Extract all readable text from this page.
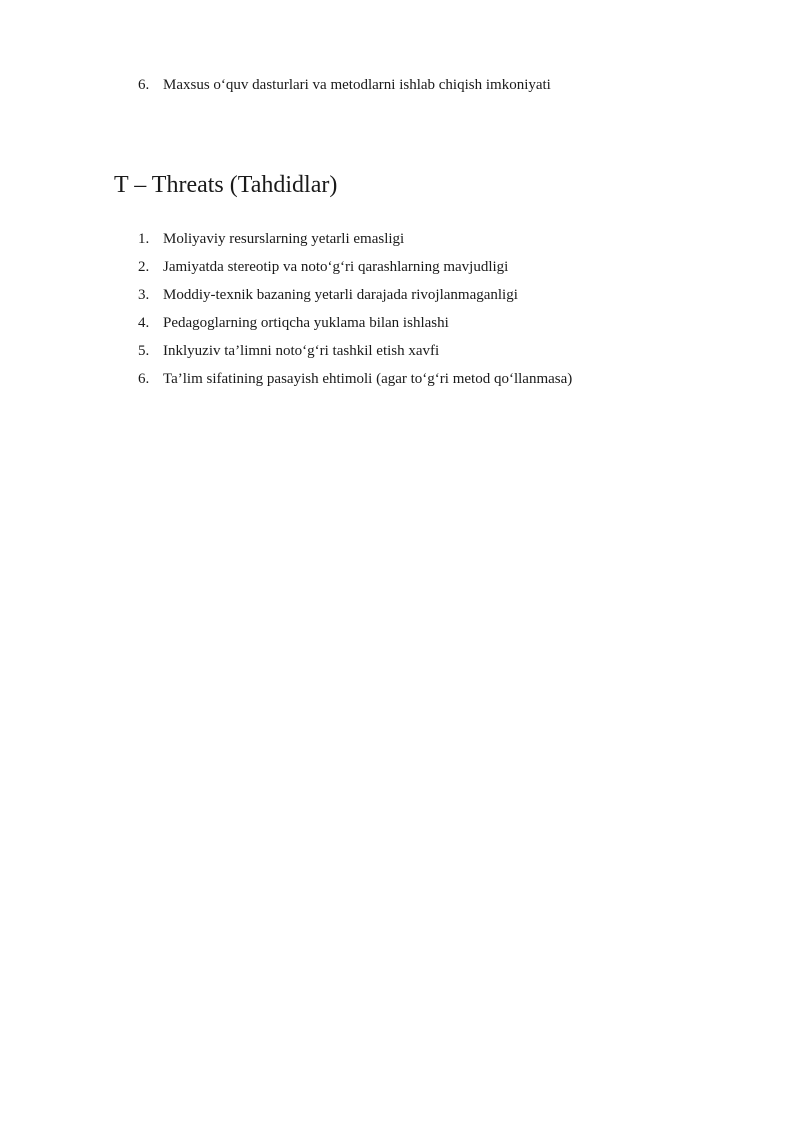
6. Maxsus o‘quv dasturlari va metodlarni ishlab chiqish imkoniyati
T – Threats (Tahdidlar)
1. Moliyaviy resurslarning yetarli emasligi
2. Jamiyatda stereotip va noto‘g‘ri qarashlarning mavjudligi
3. Moddiy-texnik bazaning yetarli darajada rivojlanmaganligi
4. Pedagoglarning ortiqcha yuklama bilan ishlashi
5. Inklyuziv ta’limni noto‘g‘ri tashkil etish xavfi
6. Ta’lim sifatining pasayish ehtimoli (agar to‘g‘ri metod qo‘llanmasa)
